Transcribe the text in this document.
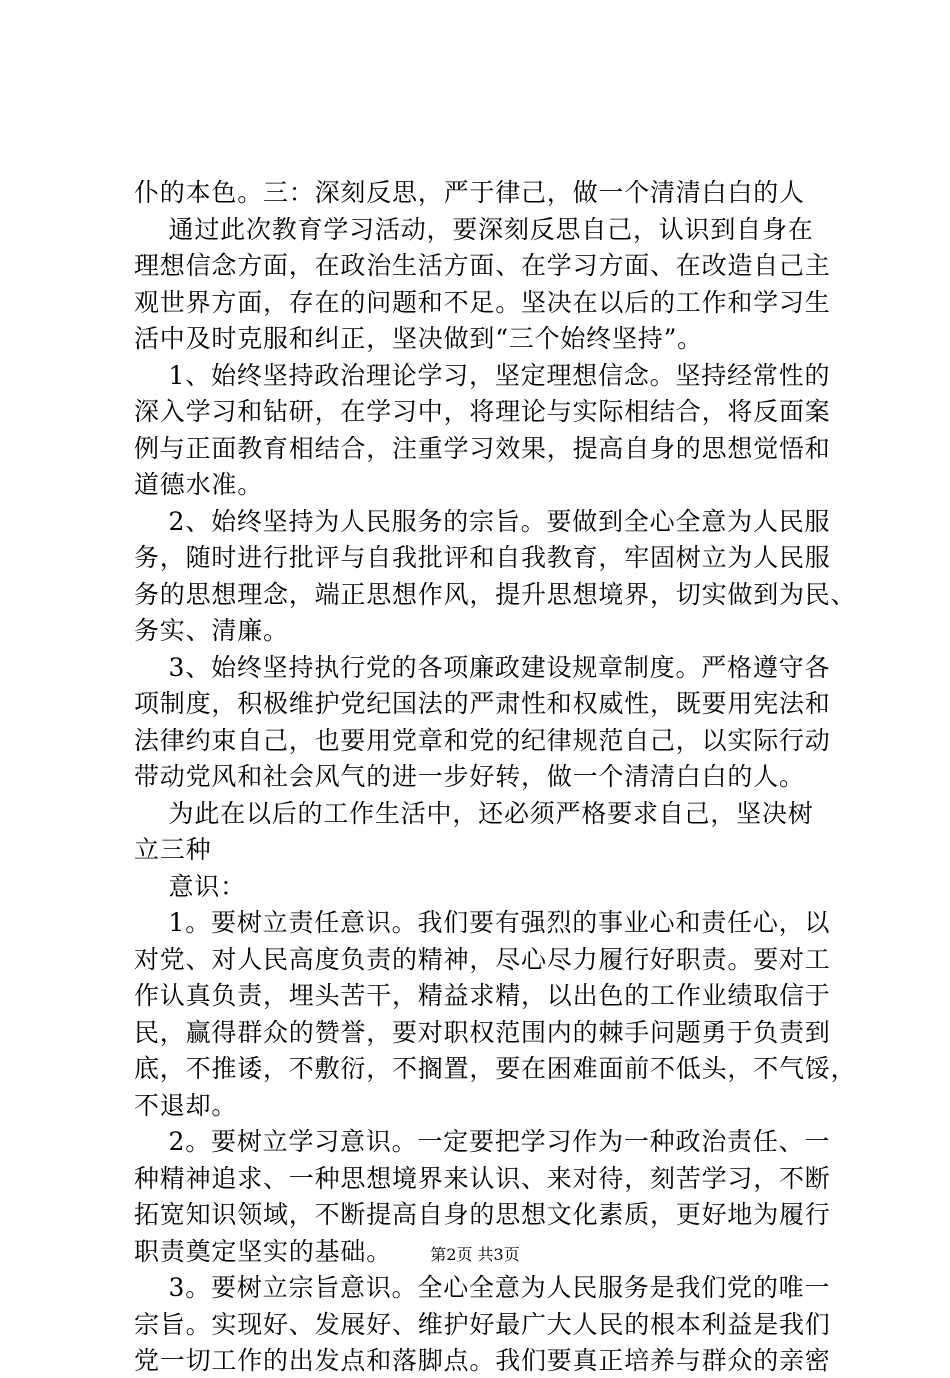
仆的本色。三：深刻反思，严于律己，做一个清清白白的人
　 通过此次教育学习活动，要深刻反思自己，认识到自身在
理想信念方面，在政治生活方面、在学习方面、在改造自己主
观世界方面，存在的问题和不足。坚决在以后的工作和学习生
活中及时克服和纠正，坚决做到“三个始终坚持”。
　 1、始终坚持政治理论学习，坚定理想信念。坚持经常性的
深入学习和钻研，在学习中，将理论与实际相结合，将反面案
例与正面教育相结合，注重学习效果，提高自身的思想觉悟和
道德水准。
　 2、始终坚持为人民服务的宗旨。要做到全心全意为人民服
务，随时进行批评与自我批评和自我教育，牢固树立为人民服
务的思想理念，端正思想作风，提升思想境界，切实做到为民、
务实、清廉。
　 3、始终坚持执行党的各项廉政建设规章制度。严格遵守各
项制度，积极维护党纪国法的严肃性和权威性，既要用宪法和
法律约束自己，也要用党章和党的纪律规范自己，以实际行动
带动党风和社会风气的进一步好转，做一个清清白白的人。
　 为此在以后的工作生活中，还必须严格要求自己，坚决树
立三种
　 意识：
　 1。要树立责任意识。我们要有强烈的事业心和责任心，以
对党、对人民高度负责的精神，尽心尽力履行好职责。要对工
作认真负责，埋头苦干，精益求精，以出色的工作业绩取信于
民，赢得群众的赞誉，要对职权范围内的棘手问题勇于负责到
底，不推诿，不敷衍，不搁置，要在困难面前不低头，不气馁，
不退却。
　 2。要树立学习意识。一定要把学习作为一种政治责任、一
种精神追求、一种思想境界来认识、来对待，刻苦学习，不断
拓宽知识领域，不断提高自身的思想文化素质，更好地为履行
职责奠定坚实的基础。
　 3。要树立宗旨意识。全心全意为人民服务是我们党的唯一
宗旨。实现好、发展好、维护好最广大人民的根本利益是我们
党一切工作的出发点和落脚点。我们要真正培养与群众的亲密
第2页 共3页
